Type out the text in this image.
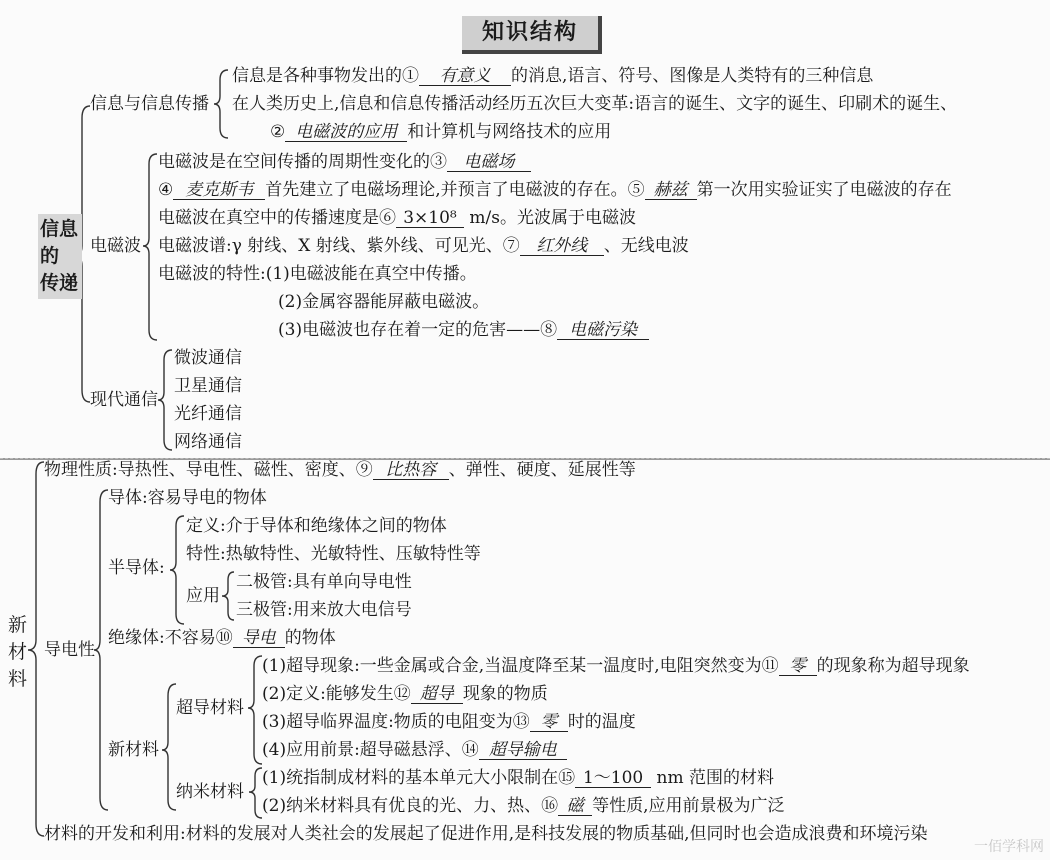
知识结构
信息
的
传递
信息与信息传播
信息是各种事物发出的① 有意义 的消息,语言、符号、图像是人类特有的三种信息
在人类历史上,信息和信息传播活动经历五次巨大变革:语言的诞生、文字的诞生、印刷术的诞生、
② 电磁波的应用 和计算机与网络技术的应用
电磁波
电磁波是在空间传播的周期性变化的③ 电磁场
④ 麦克斯韦 首先建立了电磁场理论,并预言了电磁波的存在。⑤ 赫兹 第一次用实验证实了电磁波的存在
电磁波在真空中的传播速度是⑥ 3×10⁸ m/s。光波属于电磁波
电磁波谱:γ 射线、X 射线、紫外线、可见光、⑦ 红外线 、无线电波
电磁波的特性:(1)电磁波能在真空中传播。
(2)金属容器能屏蔽电磁波。
(3)电磁波也存在着一定的危害——⑧ 电磁污染
现代通信
微波通信
卫星通信
光纤通信
网络通信
新
材
料
物理性质:导热性、导电性、磁性、密度、⑨ 比热容 、弹性、硬度、延展性等
导电性
导体:容易导电的物体
半导体:
定义:介于导体和绝缘体之间的物体
特性:热敏特性、光敏特性、压敏特性等
应用
二极管:具有单向导电性
三极管:用来放大电信号
绝缘体:不容易⑩ 导电 的物体
新材料
超导材料
(1)超导现象:一些金属或合金,当温度降至某一温度时,电阻突然变为⑪ 零 的现象称为超导现象
(2)定义:能够发生⑫ 超导 现象的物质
(3)超导临界温度:物质的电阻变为⑬ 零 时的温度
(4)应用前景:超导磁悬浮、⑭ 超导输电
纳米材料
(1)统指制成材料的基本单元大小限制在⑮ 1～100 nm 范围的材料
(2)纳米材料具有优良的光、力、热、⑯ 磁 等性质,应用前景极为广泛
材料的开发和利用:材料的发展对人类社会的发展起了促进作用,是科技发展的物质基础,但同时也会造成浪费和环境污染
一佰学科网
